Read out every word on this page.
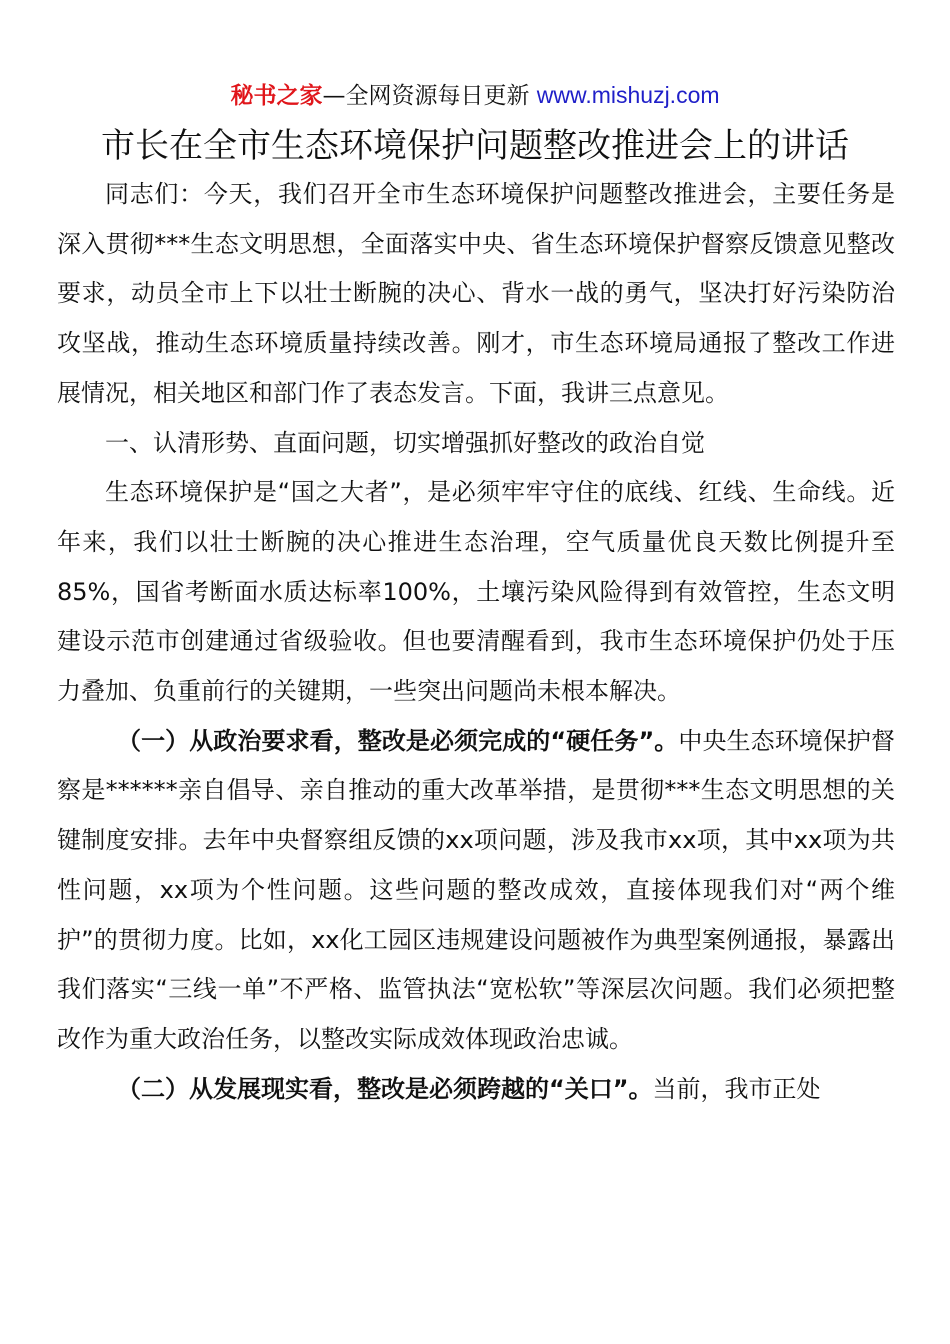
秘书之家—全网资源每日更新 www.mishuzj.com
市长在全市生态环境保护问题整改推进会上的讲话

同志们：今天，我们召开全市生态环境保护问题整改推进会，主要任务是深入贯彻***生态文明思想，全面落实中央、省生态环境保护督察反馈意见整改要求，动员全市上下以壮士断腕的决心、背水一战的勇气，坚决打好污染防治攻坚战，推动生态环境质量持续改善。刚才，市生态环境局通报了整改工作进展情况，相关地区和部门作了表态发言。下面，我讲三点意见。

一、认清形势、直面问题，切实增强抓好整改的政治自觉

生态环境保护是“国之大者”，是必须牢牢守住的底线、红线、生命线。近年来，我们以壮士断腕的决心推进生态治理，空气质量优良天数比例提升至85%，国省考断面水质达标率100%，土壤污染风险得到有效管控，生态文明建设示范市创建通过省级验收。但也要清醒看到，我市生态环境保护仍处于压力叠加、负重前行的关键期，一些突出问题尚未根本解决。

（一）从政治要求看，整改是必须完成的“硬任务”。中央生态环境保护督察是******亲自倡导、亲自推动的重大改革举措，是贯彻***生态文明思想的关键制度安排。去年中央督察组反馈的xx项问题，涉及我市xx项，其中xx项为共性问题，xx项为个性问题。这些问题的整改成效，直接体现我们对“两个维护”的贯彻力度。比如，xx化工园区违规建设问题被作为典型案例通报，暴露出我们落实“三线一单”不严格、监管执法“宽松软”等深层次问题。我们必须把整改作为重大政治任务，以整改实际成效体现政治忠诚。

（二）从发展现实看，整改是必须跨越的“关口”。当前，我市正处
